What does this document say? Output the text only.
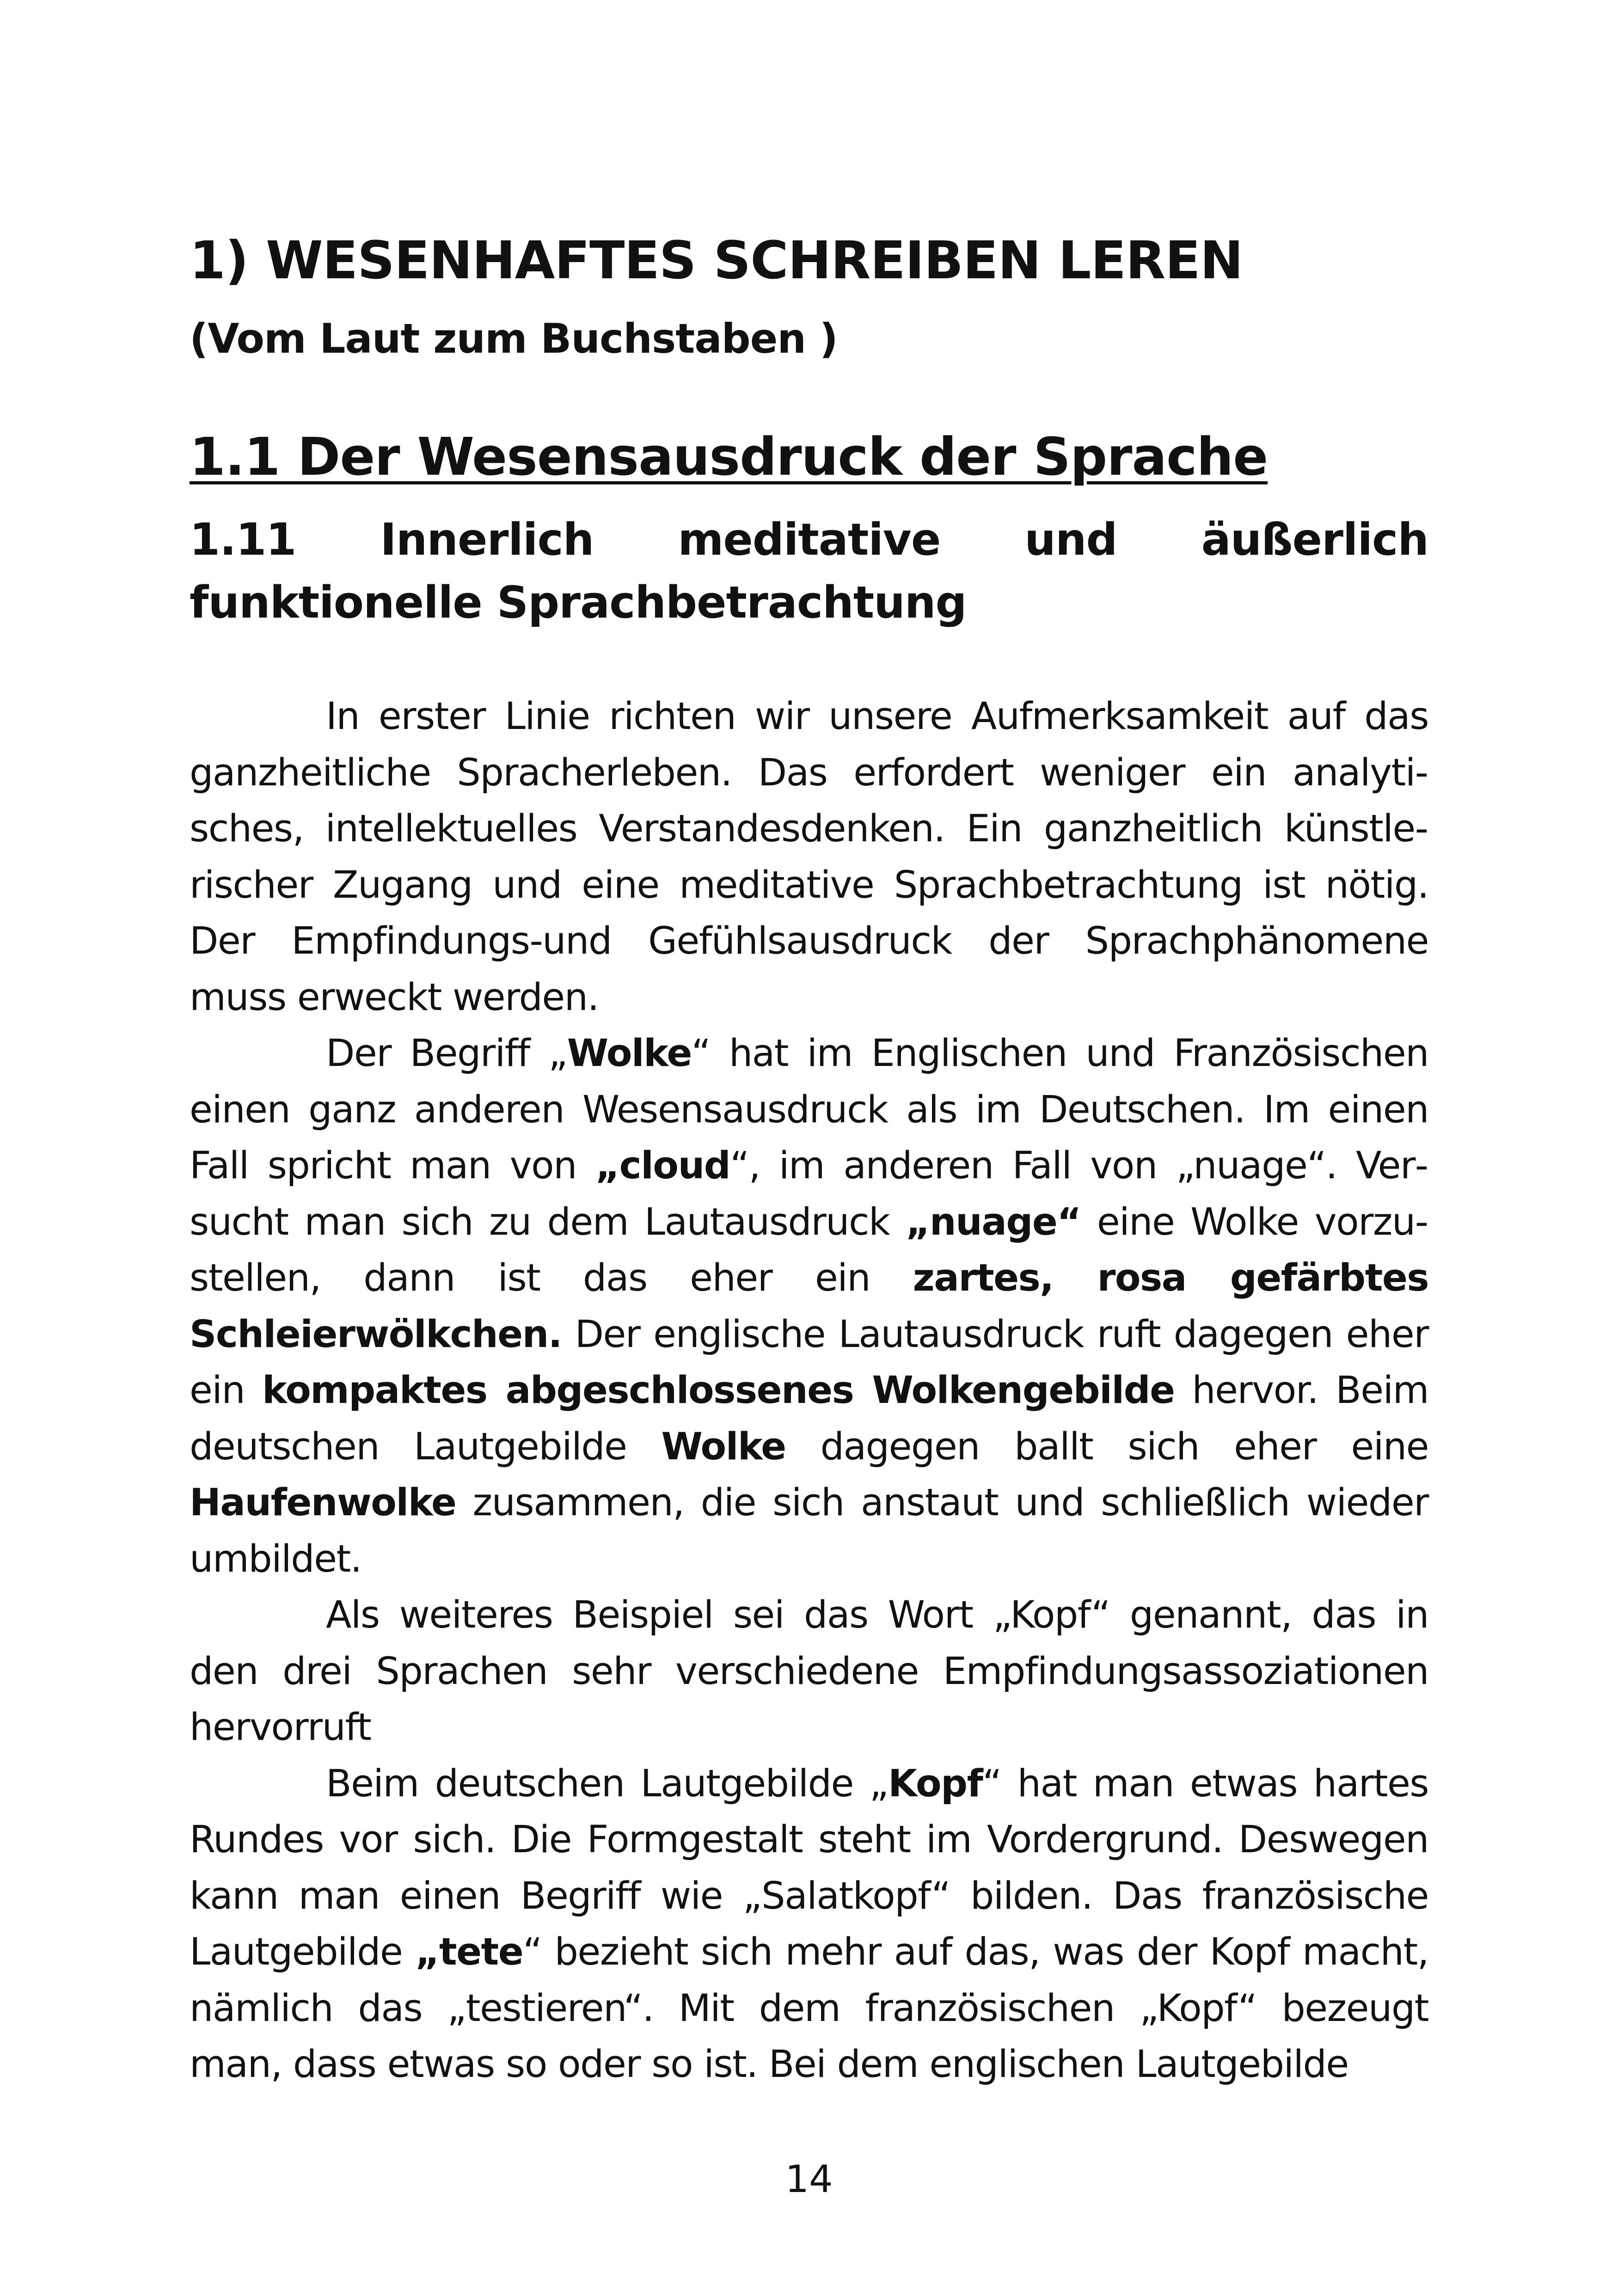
1) WESENHAFTES SCHREIBEN LEREN
(Vom Laut zum Buchstaben )
1.1 Der Wesensausdruck der Sprache
1.11 Innerlich meditative und äußerlich funktionelle Sprachbetrachtung

In erster Linie richten wir unsere Aufmerksamkeit auf das ganzheitliche Spracherleben. Das erfordert weniger ein analytisches, intellektuelles Verstandesdenken. Ein ganzheitlich künstlerischer Zugang und eine meditative Sprachbetrachtung ist nötig. Der Empfindungs-und Gefühlsausdruck der Sprachphänomene muss erweckt werden.

Der Begriff „Wolke“ hat im Englischen und Französischen einen ganz anderen Wesensausdruck als im Deutschen. Im einen Fall spricht man von „cloud“, im anderen Fall von „nuage“. Versucht man sich zu dem Lautausdruck „nuage“ eine Wolke vorzustellen, dann ist das eher ein zartes, rosa gefärbtes Schleierwölkchen. Der englische Lautausdruck ruft dagegen eher ein kompaktes abgeschlossenes Wolkengebilde hervor. Beim deutschen Lautgebilde Wolke dagegen ballt sich eher eine Haufenwolke zusammen, die sich anstaut und schließlich wieder umbildet.

Als weiteres Beispiel sei das Wort „Kopf“ genannt, das in den drei Sprachen sehr verschiedene Empfindungsassoziationen hervorruft

Beim deutschen Lautgebilde „Kopf“ hat man etwas hartes Rundes vor sich. Die Formgestalt steht im Vordergrund. Deswegen kann man einen Begriff wie „Salatkopf“ bilden. Das französische Lautgebilde „tete“ bezieht sich mehr auf das, was der Kopf macht, nämlich das „testieren“. Mit dem französischen „Kopf“ bezeugt man, dass etwas so oder so ist. Bei dem englischen Lautgebilde

14
